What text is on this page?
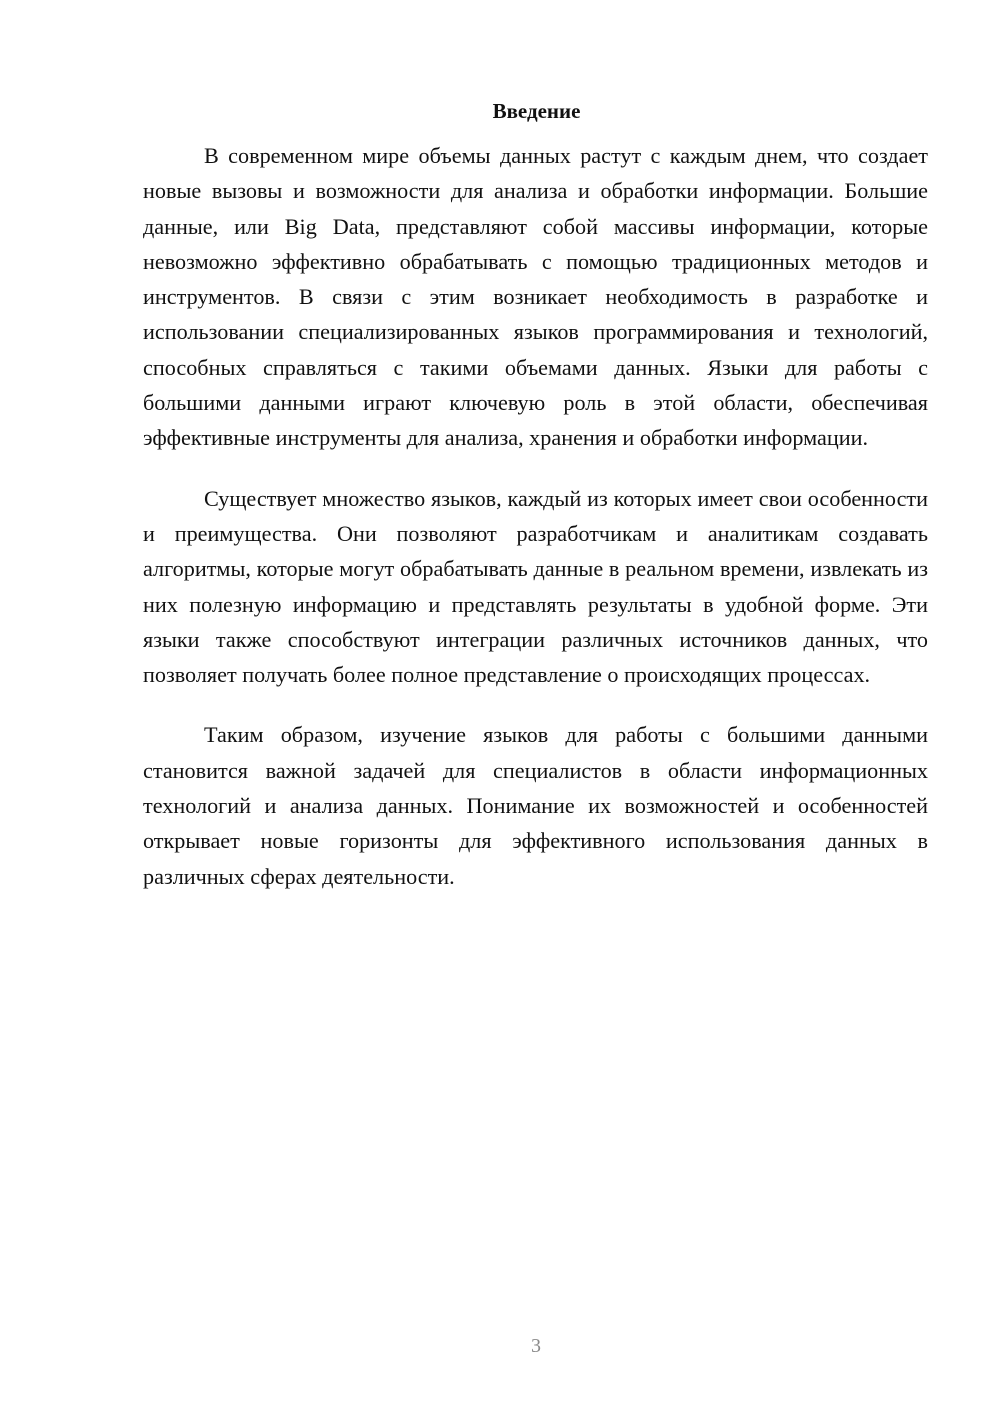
Введение

В современном мире объемы данных растут с каждым днем, что создает новые вызовы и возможности для анализа и обработки информации. Большие данные, или Big Data, представляют собой массивы информации, которые невозможно эффективно обрабатывать с помощью традиционных методов и инструментов. В связи с этим возникает необходимость в разработке и использовании специализированных языков программирования и технологий, способных справляться с такими объемами данных. Языки для работы с большими данными играют ключевую роль в этой области, обеспечивая эффективные инструменты для анализа, хранения и обработки информации.

Существует множество языков, каждый из которых имеет свои особенности и преимущества. Они позволяют разработчикам и аналитикам создавать алгоритмы, которые могут обрабатывать данные в реальном времени, извлекать из них полезную информацию и представлять результаты в удобной форме. Эти языки также способствуют интеграции различных источников данных, что позволяет получать более полное представление о происходящих процессах.

Таким образом, изучение языков для работы с большими данными становится важной задачей для специалистов в области информационных технологий и анализа данных. Понимание их возможностей и особенностей открывает новые горизонты для эффективного использования данных в различных сферах деятельности.

3
